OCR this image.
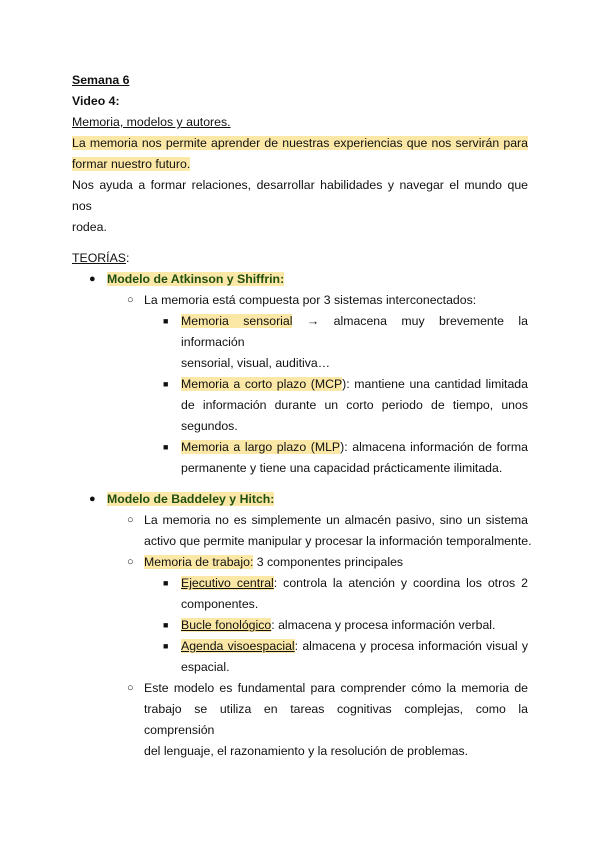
Semana 6
Video 4:
Memoria, modelos y autores.
La memoria nos permite aprender de nuestras experiencias que nos servirán para
formar nuestro futuro.
Nos ayuda a formar relaciones, desarrollar habilidades y navegar el mundo que nos
rodea.
TEORÍAS:
● Modelo de Atkinson y Shiffrin:
○ La memoria está compuesta por 3 sistemas interconectados:
■ Memoria sensorial → almacena muy brevemente la información
sensorial, visual, auditiva…
■ Memoria a corto plazo (MCP): mantiene una cantidad limitada
de información durante un corto periodo de tiempo, unos
segundos.
■ Memoria a largo plazo (MLP): almacena información de forma
permanente y tiene una capacidad prácticamente ilimitada.
● Modelo de Baddeley y Hitch:
○ La memoria no es simplemente un almacén pasivo, sino un sistema
activo que permite manipular y procesar la información temporalmente.
○ Memoria de trabajo: 3 componentes principales
■ Ejecutivo central: controla la atención y coordina los otros 2
componentes.
■ Bucle fonológico: almacena y procesa información verbal.
■ Agenda visoespacial: almacena y procesa información visual y
espacial.
○ Este modelo es fundamental para comprender cómo la memoria de
trabajo se utiliza en tareas cognitivas complejas, como la comprensión
del lenguaje, el razonamiento y la resolución de problemas.
